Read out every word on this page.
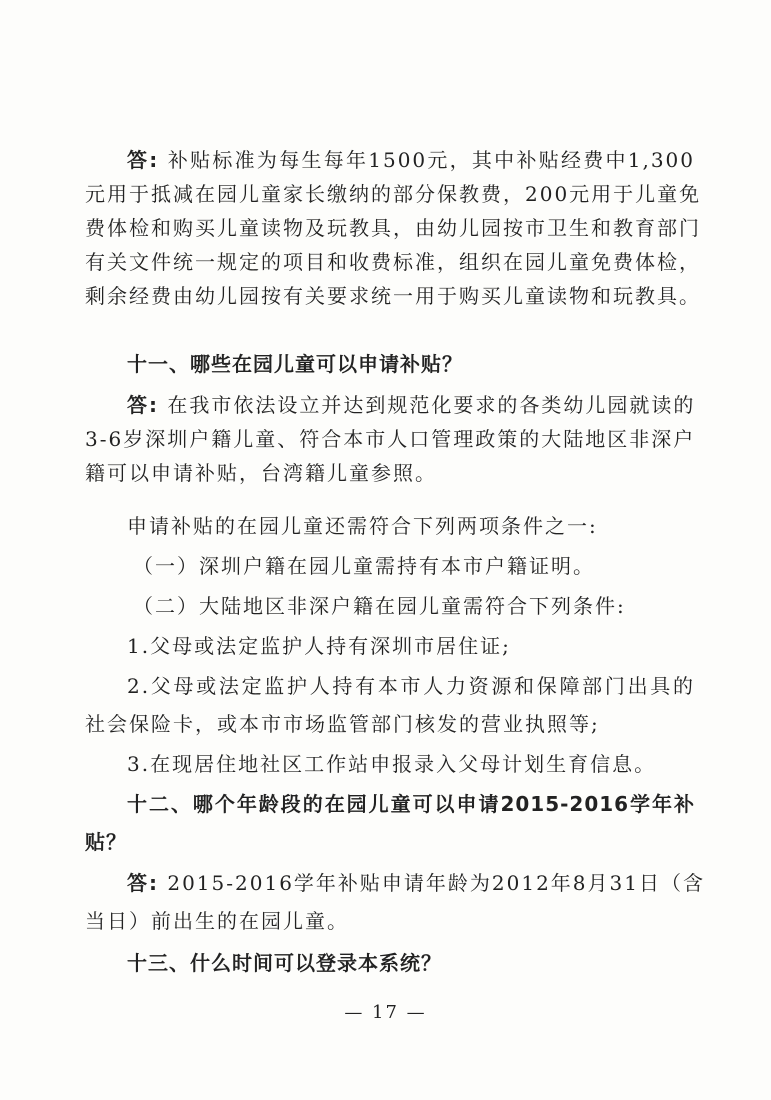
答: 补贴标准为每生每年1500元，其中补贴经费中1,300
元用于抵减在园儿童家长缴纳的部分保教费，200元用于儿童免
费体检和购买儿童读物及玩教具，由幼儿园按市卫生和教育部门
有关文件统一规定的项目和收费标准，组织在园儿童免费体检，
剩余经费由幼儿园按有关要求统一用于购买儿童读物和玩教具。
十一、哪些在园儿童可以申请补贴？
答: 在我市依法设立并达到规范化要求的各类幼儿园就读的
3-6岁深圳户籍儿童、符合本市人口管理政策的大陆地区非深户
籍可以申请补贴，台湾籍儿童参照。
申请补贴的在园儿童还需符合下列两项条件之一:
（一）深圳户籍在园儿童需持有本市户籍证明。
（二）大陆地区非深户籍在园儿童需符合下列条件:
1.父母或法定监护人持有深圳市居住证;
2.父母或法定监护人持有本市人力资源和保障部门出具的
社会保险卡，或本市市场监管部门核发的营业执照等;
3.在现居住地社区工作站申报录入父母计划生育信息。
十二、哪个年龄段的在园儿童可以申请2015-2016学年补
贴？
答: 2015-2016学年补贴申请年龄为2012年8月31日（含
当日）前出生的在园儿童。
十三、什么时间可以登录本系统？
— 17 —
